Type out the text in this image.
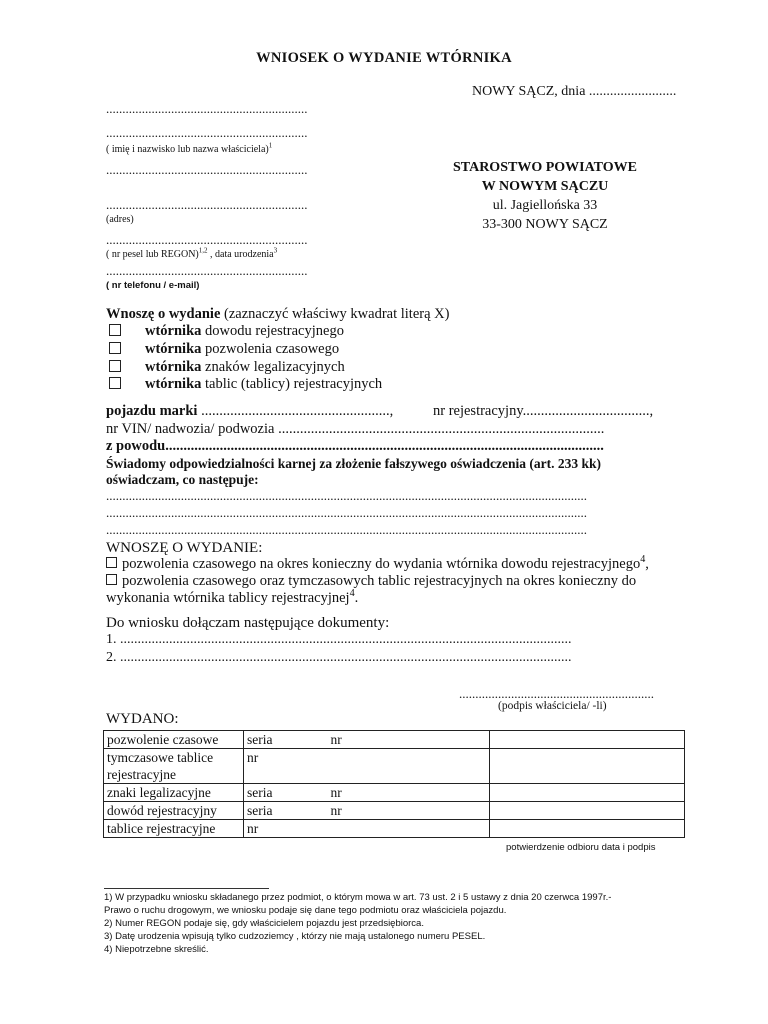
WNIOSEK O WYDANIE WTÓRNIKA
NOWY SĄCZ, dnia .........................
..............................................................
..............................................................
( imię i nazwisko lub nazwa właściciela)$^1$
..............................................................
..............................................................
(adres)
..............................................................
( nr pesel lub REGON)$^{1,2}$ , data urodzenia$^3$
..............................................................
( nr telefonu / e-mail)
STAROSTWO POWIATOWE
W NOWYM SĄCZU
ul. Jagiellońska 33
33-300 NOWY SĄCZ
Wnoszę o wydanie (zaznaczyć właściwy kwadrat literą X)
wtórnika dowodu rejestracyjnego
wtórnika pozwolenia czasowego
wtórnika znaków legalizacyjnych
wtórnika tablic (tablicy) rejestracyjnych
pojazdu marki ....................................................,	nr rejestracyjny...................................,
nr VIN/ nadwozia/ podwozia ..........................................................................................
z powodu.........................................................................................................................
Świadomy odpowiedzialności karnej za złożenie fałszywego oświadczenia (art. 233 kk)
oświadczam, co następuje:
....................................................................................................................................................
....................................................................................................................................................
....................................................................................................................................................
WNOSZĘ O WYDANIE:
pozwolenia czasowego na okres konieczny do wydania wtórnika dowodu rejestracyjnego$^4$,
pozwolenia czasowego oraz tymczasowych tablic rejestracyjnych na okres konieczny do
wykonania wtórnika tablicy rejestracyjnej$^4$.
Do wniosku dołączam następujące dokumenty:
1. .................................................................................................................................
2. .................................................................................................................................
............................................................
(podpis właściciela/ -li)
WYDANO:
pozwolenie czasowe	seria nr	
tymczasowe tablice rejestracyjne	nr	
znaki legalizacyjne	seria nr	
dowód rejestracyjny	seria nr	
tablice rejestracyjne	nr	
potwierdzenie odbioru data i podpis
1) W przypadku wniosku składanego przez podmiot, o którym mowa w art. 73 ust. 2 i 5 ustawy z dnia 20 czerwca 1997r.-
Prawo o ruchu drogowym, we wniosku podaje się dane tego podmiotu oraz właściciela pojazdu.
2) Numer REGON podaje się, gdy właścicielem pojazdu jest przedsiębiorca.
3) Datę urodzenia wpisują tylko cudzoziemcy , którzy nie mają ustalonego numeru PESEL.
4) Niepotrzebne skreślić.
